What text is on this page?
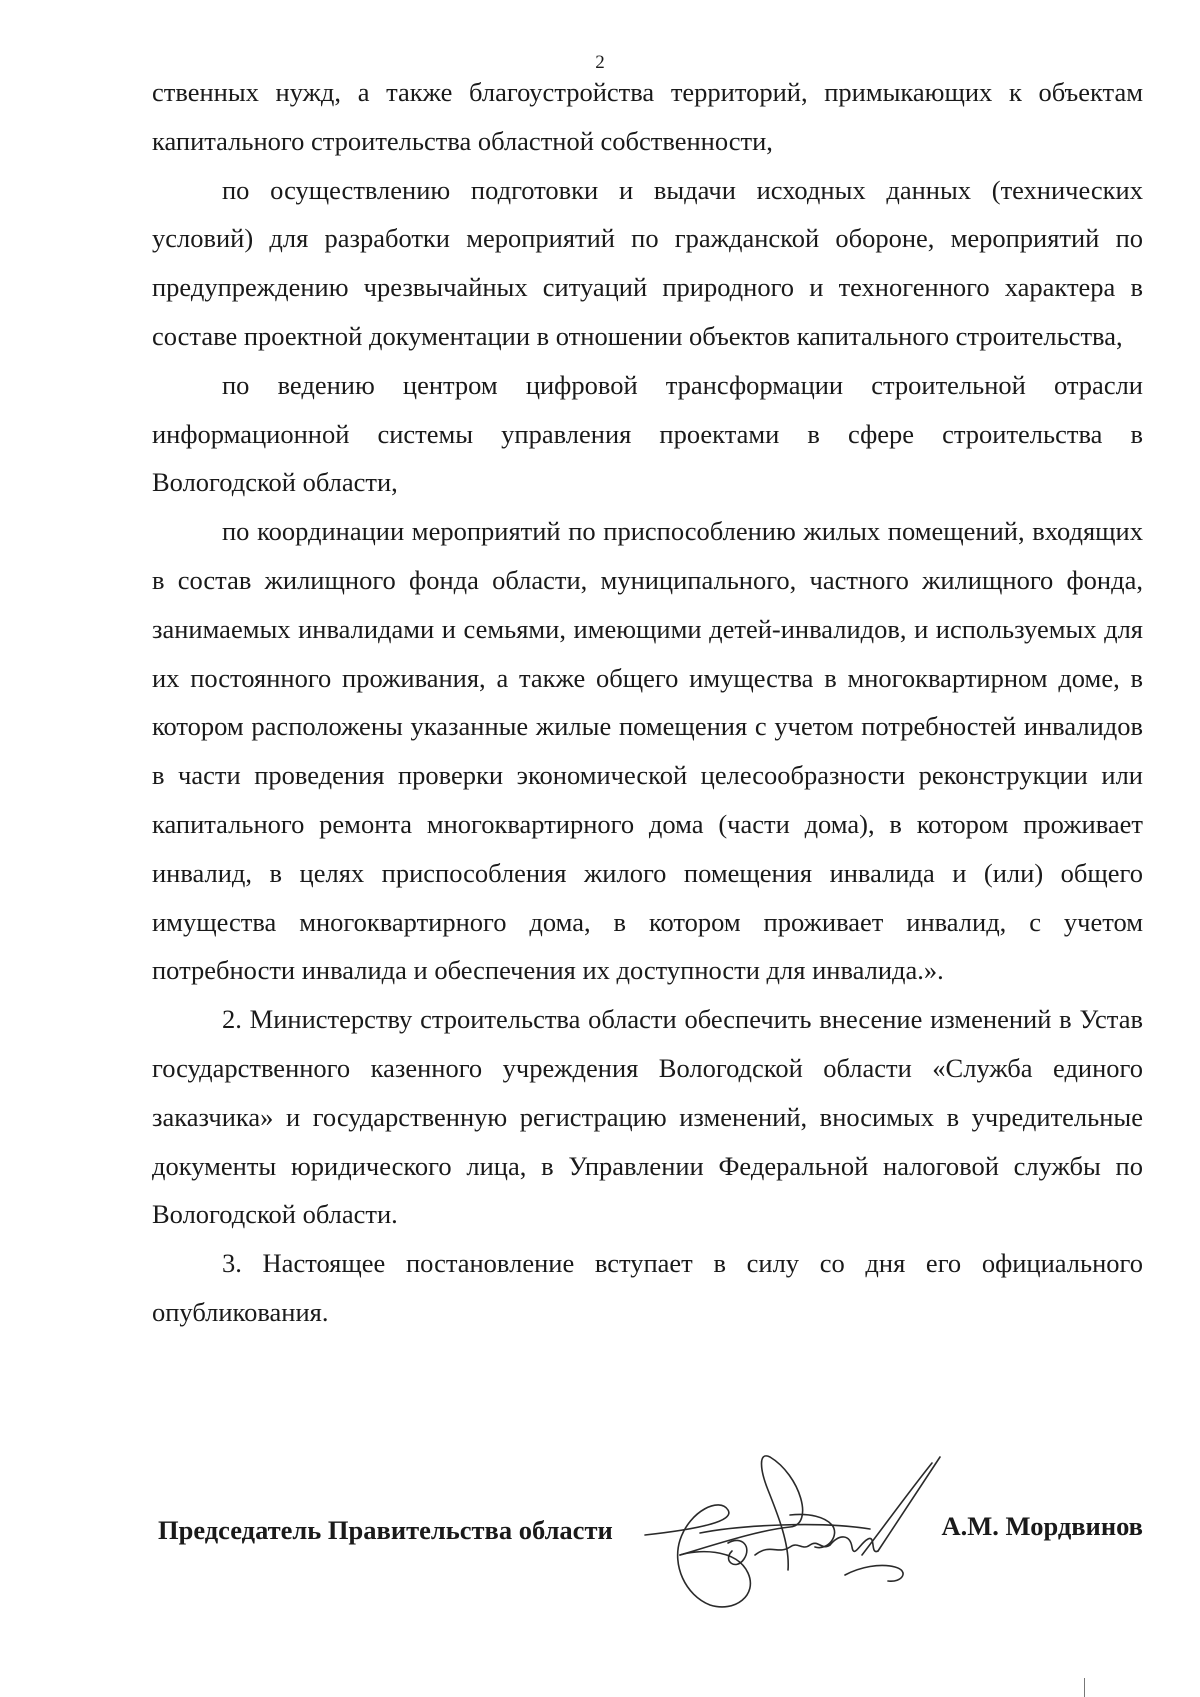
2

ственных нужд, а также благоустройства территорий, примыкающих к объектам капитального строительства областной собственности,

по осуществлению подготовки и выдачи исходных данных (технических условий) для разработки мероприятий по гражданской обороне, мероприятий по предупреждению чрезвычайных ситуаций природного и техногенного характера в составе проектной документации в отношении объектов капитального строительства,

по ведению центром цифровой трансформации строительной отрасли информационной системы управления проектами в сфере строительства в Вологодской области,

по координации мероприятий по приспособлению жилых помещений, входящих в состав жилищного фонда области, муниципального, частного жилищного фонда, занимаемых инвалидами и семьями, имеющими детей-инвалидов, и используемых для их постоянного проживания, а также общего имущества в многоквартирном доме, в котором расположены указанные жилые помещения с учетом потребностей инвалидов в части проведения проверки экономической целесообразности реконструкции или капитального ремонта многоквартирного дома (части дома), в котором проживает инвалид, в целях приспособления жилого помещения инвалида и (или) общего имущества многоквартирного дома, в котором проживает инвалид, с учетом потребности инвалида и обеспечения их доступности для инвалида.».

2. Министерству строительства области обеспечить внесение изменений в Устав государственного казенного учреждения Вологодской области «Служба единого заказчика» и государственную регистрацию изменений, вносимых в учредительные документы юридического лица, в Управлении Федеральной налоговой службы по Вологодской области.

3. Настоящее постановление вступает в силу со дня его официального опубликования.

Председатель Правительства области	А.М. Мордвинов
